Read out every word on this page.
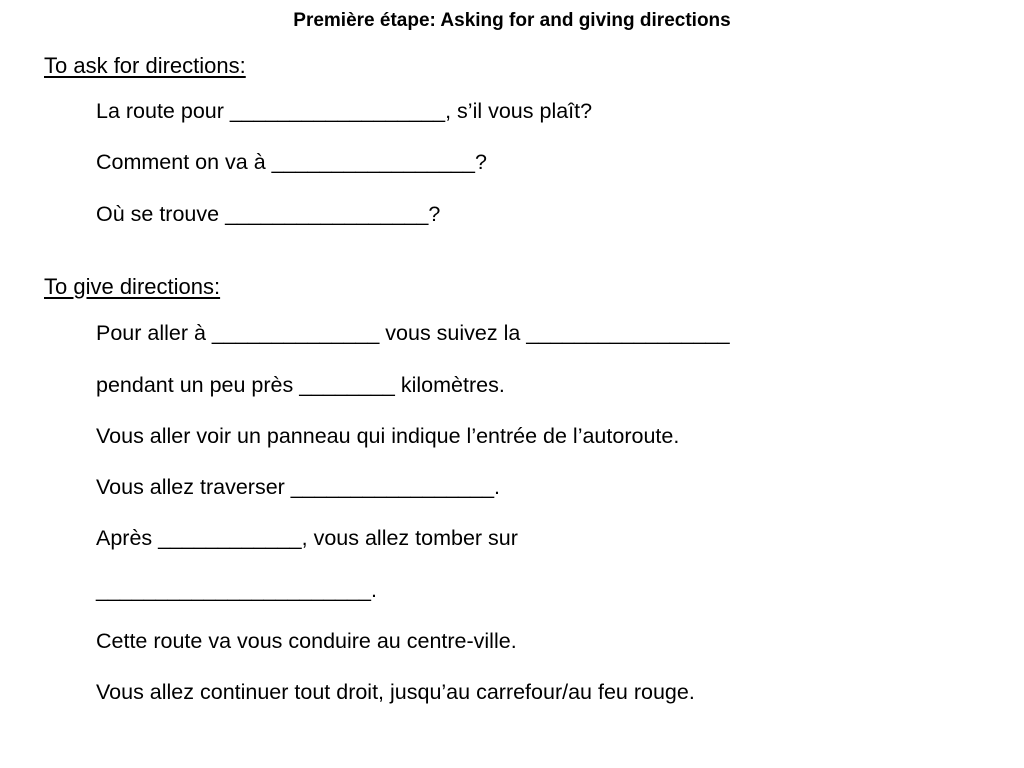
Première étape: Asking for and giving directions
To ask for directions:

La route pour __________________, s’il vous plaît?

Comment on va à _________________?

Où se trouve _________________?

To give directions:

Pour aller à ______________ vous suivez la _________________

pendant un peu près ________ kilomètres.

Vous aller voir un panneau qui indique l’entrée de l’autoroute.

Vous allez traverser _________________.

Après ____________, vous allez tomber sur

_______________________.

Cette route va vous conduire au centre-ville.

Vous allez continuer tout droit, jusqu’au carrefour/au feu rouge.
